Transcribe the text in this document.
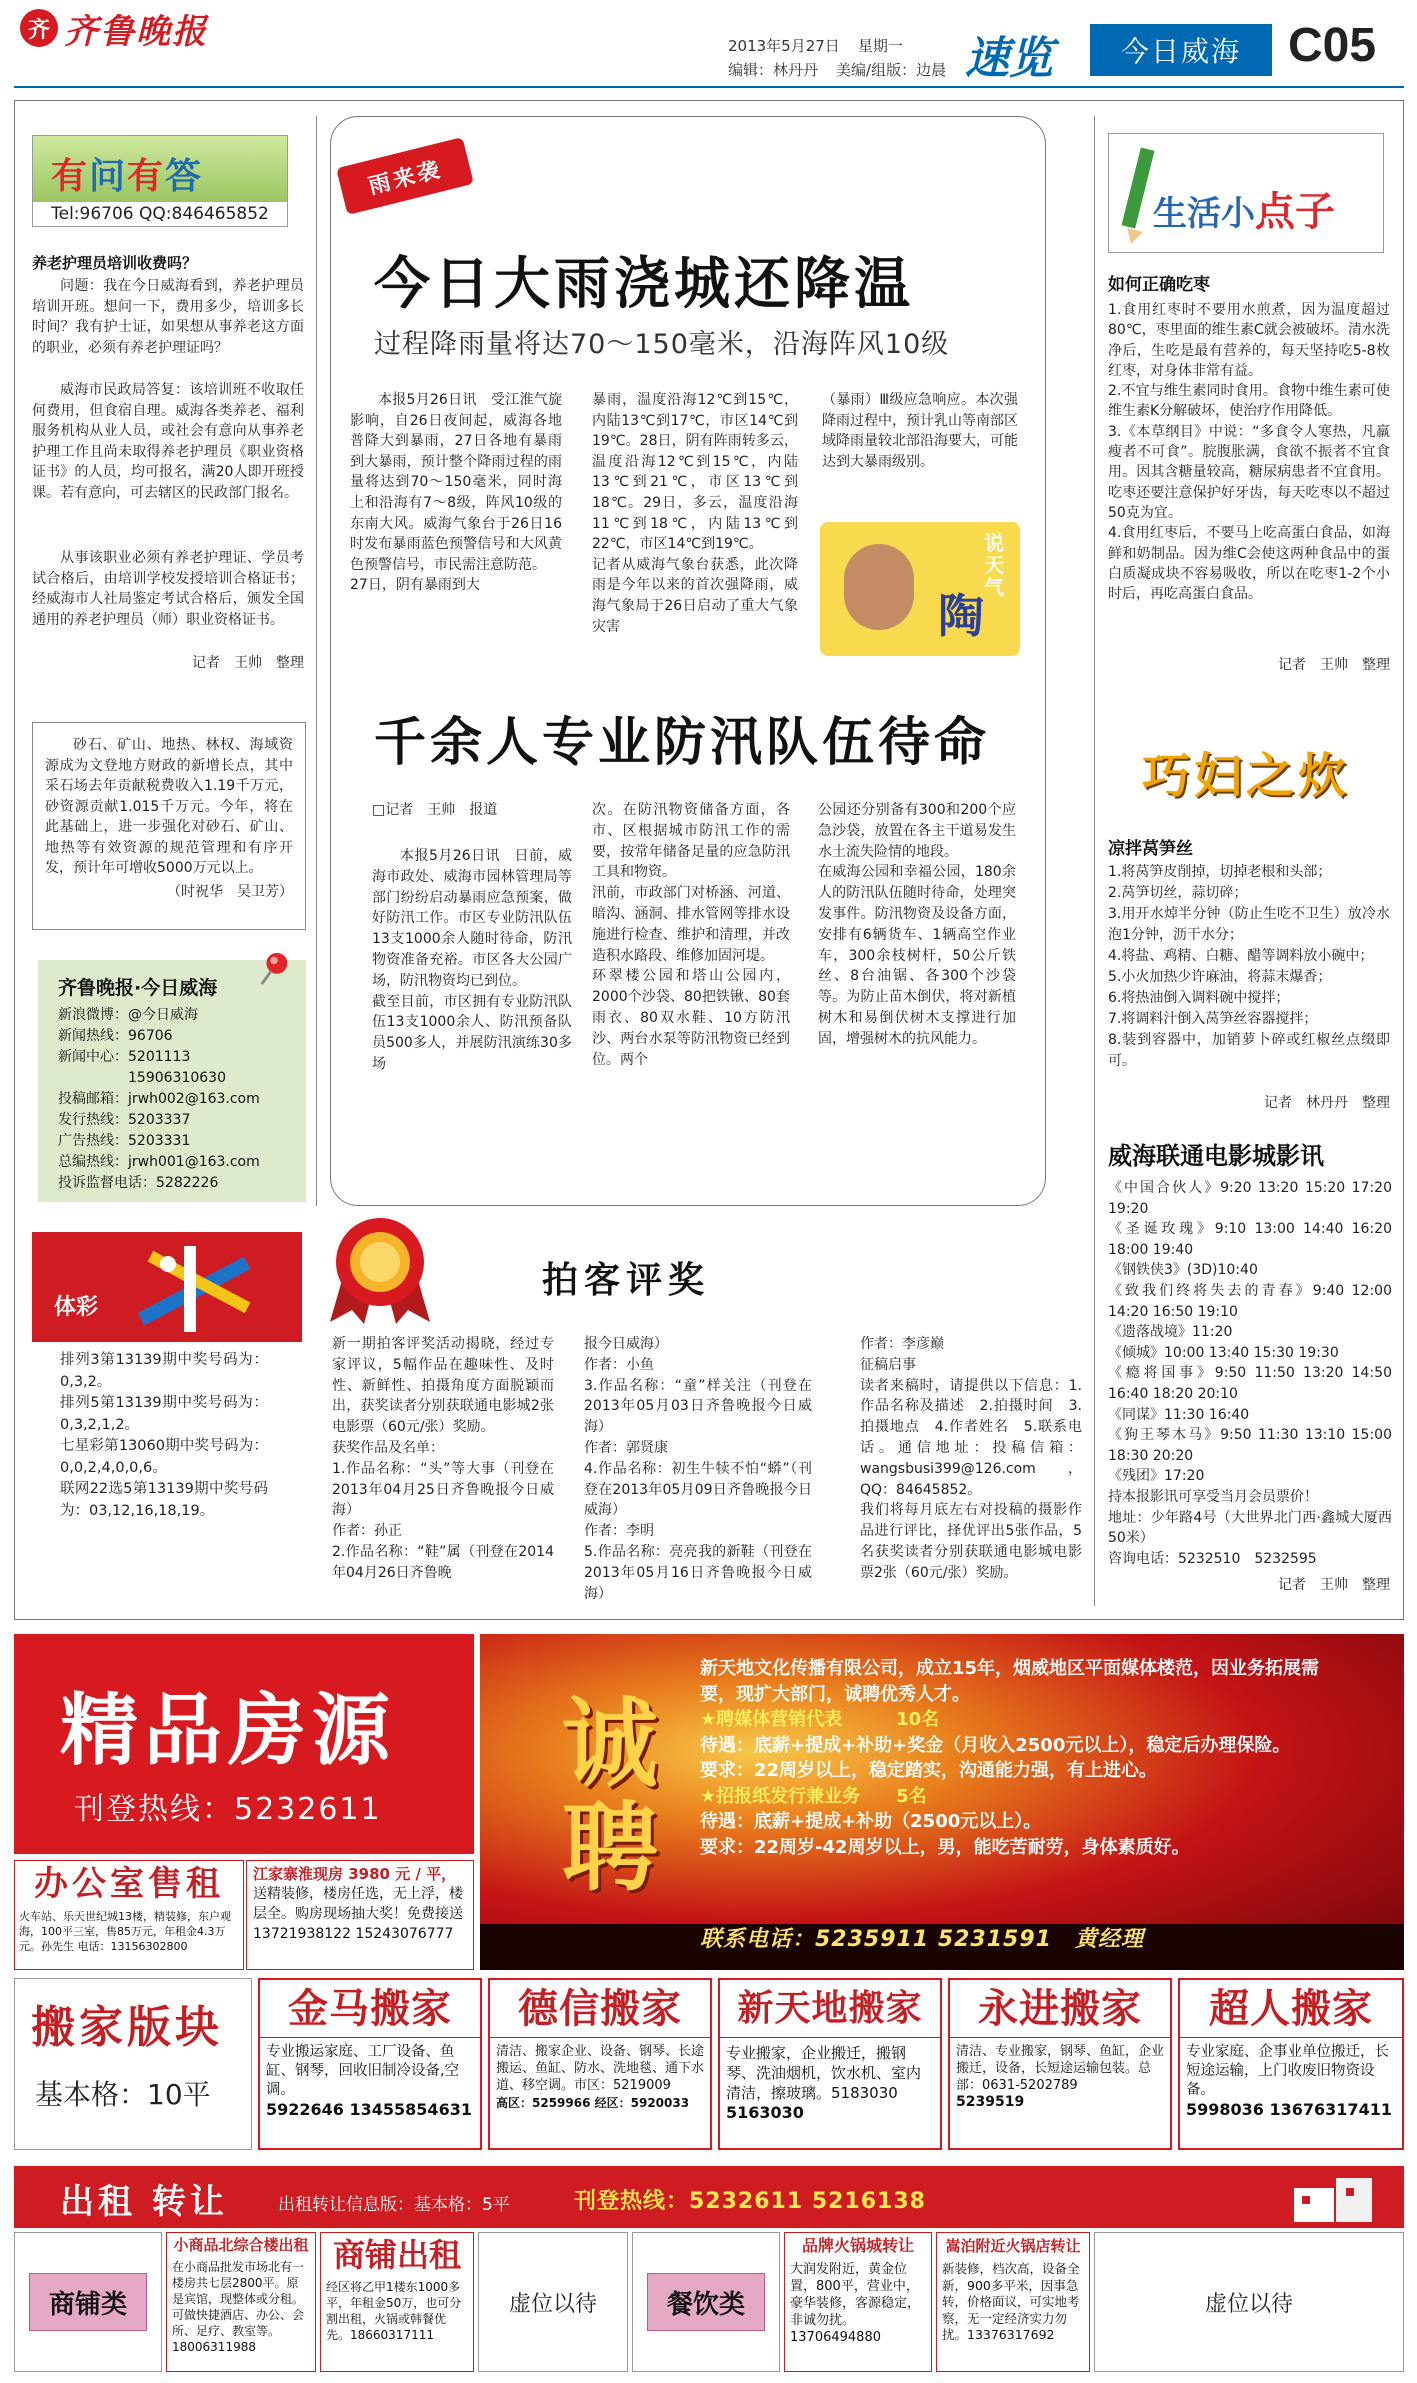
齐 齐鲁晚报	2013年5月27日 星期一
编辑：林丹丹 美编/组版：边晨 速览	今日威海 C05
有问有答
Tel:96706 QQ:846465852
养老护理员培训收费吗？
问题：我在今日威海看到，养老护理员培训开班。想问一下，费用多少，培训多长时间？我有护士证，如果想从事养老这方面的职业，必须有养老护理证吗？
威海市民政局答复：该培训班不收取任何费用，但食宿自理。威海各类养老、福利服务机构从业人员，或社会有意向从事养老护理工作且尚未取得养老护理员《职业资格证书》的人员，均可报名，满20人即开班授课。若有意向，可去辖区的民政部门报名。
从事该职业必须有养老护理证、学员考试合格后，由培训学校发授培训合格证书；经威海市人社局鉴定考试合格后，颁发全国通用的养老护理员（师）职业资格证书。
记者　王帅　整理
砂石、矿山、地热、林权、海域资源成为文登地方财政的新增长点，其中采石场去年贡献税费收入1.19千万元，砂资源贡献1.015千万元。今年，将在此基础上，进一步强化对砂石、矿山、地热等有效资源的规范管理和有序开发，预计年可增收5000万元以上。
（时祝华　吴卫芳）
齐鲁晚报·今日威海
新浪微博：@今日威海
新闻热线：96706
新闻中心：5201113
　　　　　15906310630
投稿邮箱：jrwh002@163.com
发行热线：5203337
广告热线：5203331
总编热线：jrwh001@163.com
投诉监督电话：5282226
体彩
排列3第13139期中奖号码为：0,3,2。
排列5第13139期中奖号码为：0,3,2,1,2。
七星彩第13060期中奖号码为：0,0,2,4,0,0,6。
联网22选5第13139期中奖号码为：03,12,16,18,19。
雨来袭
今日大雨浇城还降温
过程降雨量将达70～150毫米，沿海阵风10级
本报5月26日讯　受江淮气旋影响，自26日夜间起，威海各地普降大到暴雨，27日各地有暴雨到大暴雨，预计整个降雨过程的雨量将达到70～150毫米，同时海上和沿海有7～8级，阵风10级的东南大风。威海气象台于26日16时发布暴雨蓝色预警信号和大风黄色预警信号，市民需注意防范。
27日，阴有暴雨到大
暴雨，温度沿海12℃到15℃，内陆13℃到17℃，市区14℃到19℃。28日，阴有阵雨转多云，温度沿海12℃到15℃，内陆13℃到21℃，市区13℃到18℃。29日，多云，温度沿海11℃到18℃，内陆13℃到22℃，市区14℃到19℃。
记者从威海气象台获悉，此次降雨是今年以来的首次强降雨，威海气象局于26日启动了重大气象灾害
（暴雨）Ⅲ级应急响应。本次强降雨过程中，预计乳山等南部区域降雨量较北部沿海要大，可能达到大暴雨级别。
陶
说天气
千余人专业防汛队伍待命
□记者　王帅　报道
本报5月26日讯　日前，威海市政处、威海市园林管理局等部门纷纷启动暴雨应急预案，做好防汛工作。市区专业防汛队伍13支1000余人随时待命，防汛物资准备充裕。市区各大公园广场，防汛物资均已到位。
截至目前，市区拥有专业防汛队伍13支1000余人、防汛预备队员500多人，并展防汛演练30多场
次。在防汛物资储备方面，各市、区根据城市防汛工作的需要，按常年储备足量的应急防汛工具和物资。
汛前，市政部门对桥涵、河道、暗沟、涵洞、排水管网等排水设施进行检查、维护和清理，并改造积水路段、维修加固河堤。
环翠楼公园和塔山公园内，2000个沙袋、80把铁锹、80套雨衣、80双水鞋、10方防汛沙、两台水泵等防汛物资已经到位。两个
公园还分别备有300和200个应急沙袋，放置在各主干道易发生水土流失险情的地段。
在威海公园和幸福公园，180余人的防汛队伍随时待命，处理突发事件。防汛物资及设备方面，安排有6辆货车、1辆高空作业车，300余枝树杆，50公斤铁丝、8台油锯、各300个沙袋等。为防止苗木倒伏，将对新植树木和易倒伏树木支撑进行加固，增强树木的抗风能力。
生活小点子
如何正确吃枣
1.食用红枣时不要用水煎煮，因为温度超过80℃，枣里面的维生素C就会被破坏。清水洗净后，生吃是最有营养的，每天坚持吃5-8枚红枣，对身体非常有益。
2.不宜与维生素同时食用。食物中维生素可使维生素K分解破坏，使治疗作用降低。
3.《本草纲目》中说：“多食令人寒热，凡羸瘦者不可食”。脘腹胀满，食欲不振者不宜食用。因其含糖量较高，糖尿病患者不宜食用。吃枣还要注意保护好牙齿，每天吃枣以不超过50克为宜。
4.食用红枣后，不要马上吃高蛋白食品，如海鲜和奶制品。因为维C会使这两种食品中的蛋白质凝成块不容易吸收，所以在吃枣1-2个小时后，再吃高蛋白食品。
记者　王帅　整理
巧妇之炊
凉拌莴笋丝
1.将莴笋皮削掉，切掉老根和头部；
2.莴笋切丝，蒜切碎；
3.用开水焯半分钟（防止生吃不卫生）放冷水泡1分钟，沥干水分；
4.将盐、鸡精、白糖、醋等调料放小碗中；
5.小火加热少许麻油，将蒜末爆香；
6.将热油倒入调料碗中搅拌；
7.将调料汁倒入莴笋丝容器搅拌；
8.装到容器中，加销萝卜碎或红椒丝点缀即可。
记者　林丹丹　整理
威海联通电影城影讯
《中国合伙人》9:20 13:20 15:20 17:20 19:20
《圣诞玫瑰》9:10 13:00 14:40 16:20 18:00 19:40
《钢铁侠3》(3D)10:40
《致我们终将失去的青春》9:40 12:00 14:20 16:50 19:10
《遗落战境》11:20
《倾城》10:00 13:40 15:30 19:30
《瘾将国事》9:50 11:50 13:20 14:50 16:40 18:20 20:10
《同谋》11:30 16:40
《狗王琴木马》9:50 11:30 13:10 15:00 18:30 20:20
《残团》17:20
持本报影讯可享受当月会员票价！
地址：少年路4号（大世界北门西·鑫城大厦西50米）
咨询电话：5232510　5232595
记者　王帅　整理
拍客评奖
新一期拍客评奖活动揭晓，经过专家评议，5幅作品在趣味性、及时性、新鲜性、拍摄角度方面脱颖而出，获奖读者分别获联通电影城2张电影票（60元/张）奖励。
获奖作品及名单：
1.作品名称：“头”等大事（刊登在2013年04月25日齐鲁晚报今日威海）
作者：孙正
2.作品名称：“鞋”属（刊登在2014年04月26日齐鲁晚
报今日威海）
作者：小鱼
3.作品名称：“童”样关注（刊登在2013年05月03日齐鲁晚报今日威海）
作者：郭贤康
4.作品名称：初生牛犊不怕“蟒”（刊登在2013年05月09日齐鲁晚报今日威海）
作者：李明
5.作品名称：亮亮我的新鞋（刊登在2013年05月16日齐鲁晚报今日威海）
作者：李彦巅
征稿启事
读者来稿时，请提供以下信息：1.作品名称及描述　2.拍摄时间　3.拍摄地点　4.作者姓名　5.联系电话。通信地址：投稿信箱：wangsbusi399@126.com，QQ：84645852。
我们将每月底左右对投稿的摄影作品进行评比，择优评出5张作品，5名获奖读者分别获联通电影城电影票2张（60元/张）奖励。
精品房源
刊登热线：5232611
办公室售租
火车站、乐天世纪城13楼，精装修，东户观海，100平三室，售85万元，年租金4.3万元。孙先生 电话：13156302800
江家寨淮现房 3980 元 / 平，
送精装修，楼房任选，无上浮，楼层全。购房现场抽大奖！免费接送 13721938122 15243076777
诚
聘
新天地文化传播有限公司，成立15年，烟威地区平面媒体楼范，因业务拓展需要，现扩大部门，诚聘优秀人才。
★聘媒体营销代表　　　10名
待遇：底薪+提成+补助+奖金（月收入2500元以上），稳定后办理保险。
要求：22周岁以上，稳定踏实，沟通能力强，有上进心。
★招报纸发行兼业务　　5名
待遇：底薪+提成+补助（2500元以上）。
要求：22周岁-42周岁以上，男，能吃苦耐劳，身体素质好。
联系电话：5235911 5231591　黄经理
搬家版块
基本格：10平
金马搬家
专业搬运家庭、工厂设备、鱼缸、钢琴，回收旧制冷设备,空调。
5922646 13455854631
德信搬家
清洁、搬家企业、设备、钢琴、长途搬运、鱼缸、防水、洗地毯、通下水道、移空调。市区：5219009
高区：5259966 经区：5920033
新天地搬家
专业搬家，企业搬迁，搬钢琴、洗油烟机，饮水机、室内清洁，擦玻璃。5183030
5163030
永进搬家
清洁、专业搬家，钢琴、鱼缸，企业搬迁，设备，长短途运输包装。总部：0631-5202789
5239519
超人搬家
专业家庭、企事业单位搬迁，长短途运输，上门收废旧物资设备。
5998036 13676317411
出租 转让	出租转让信息版：基本格：5平	刊登热线：5232611 5216138
商铺类
小商品北综合楼出租
在小商品批发市场北有一楼房共七层2800平。原是宾馆，现整体或分租。可做快捷酒店、办公、会所、足疗、教室等。18006311988
商铺出租
经区将乙甲1楼东1000多平，年租金50万，也可分割出租，火锅或韩餐优先。18660317111
虚位以待	餐饮类
品牌火锅城转让
大润发附近，黄金位置，800平，营业中，豪华装修，客源稳定，非诚勿扰。13706494880
嵩泊附近火锅店转让
新装修，档次高，设备全新，900多平米，因事急转，价格面议，可实地考察，无一定经济实力勿扰。13376317692
虚位以待
